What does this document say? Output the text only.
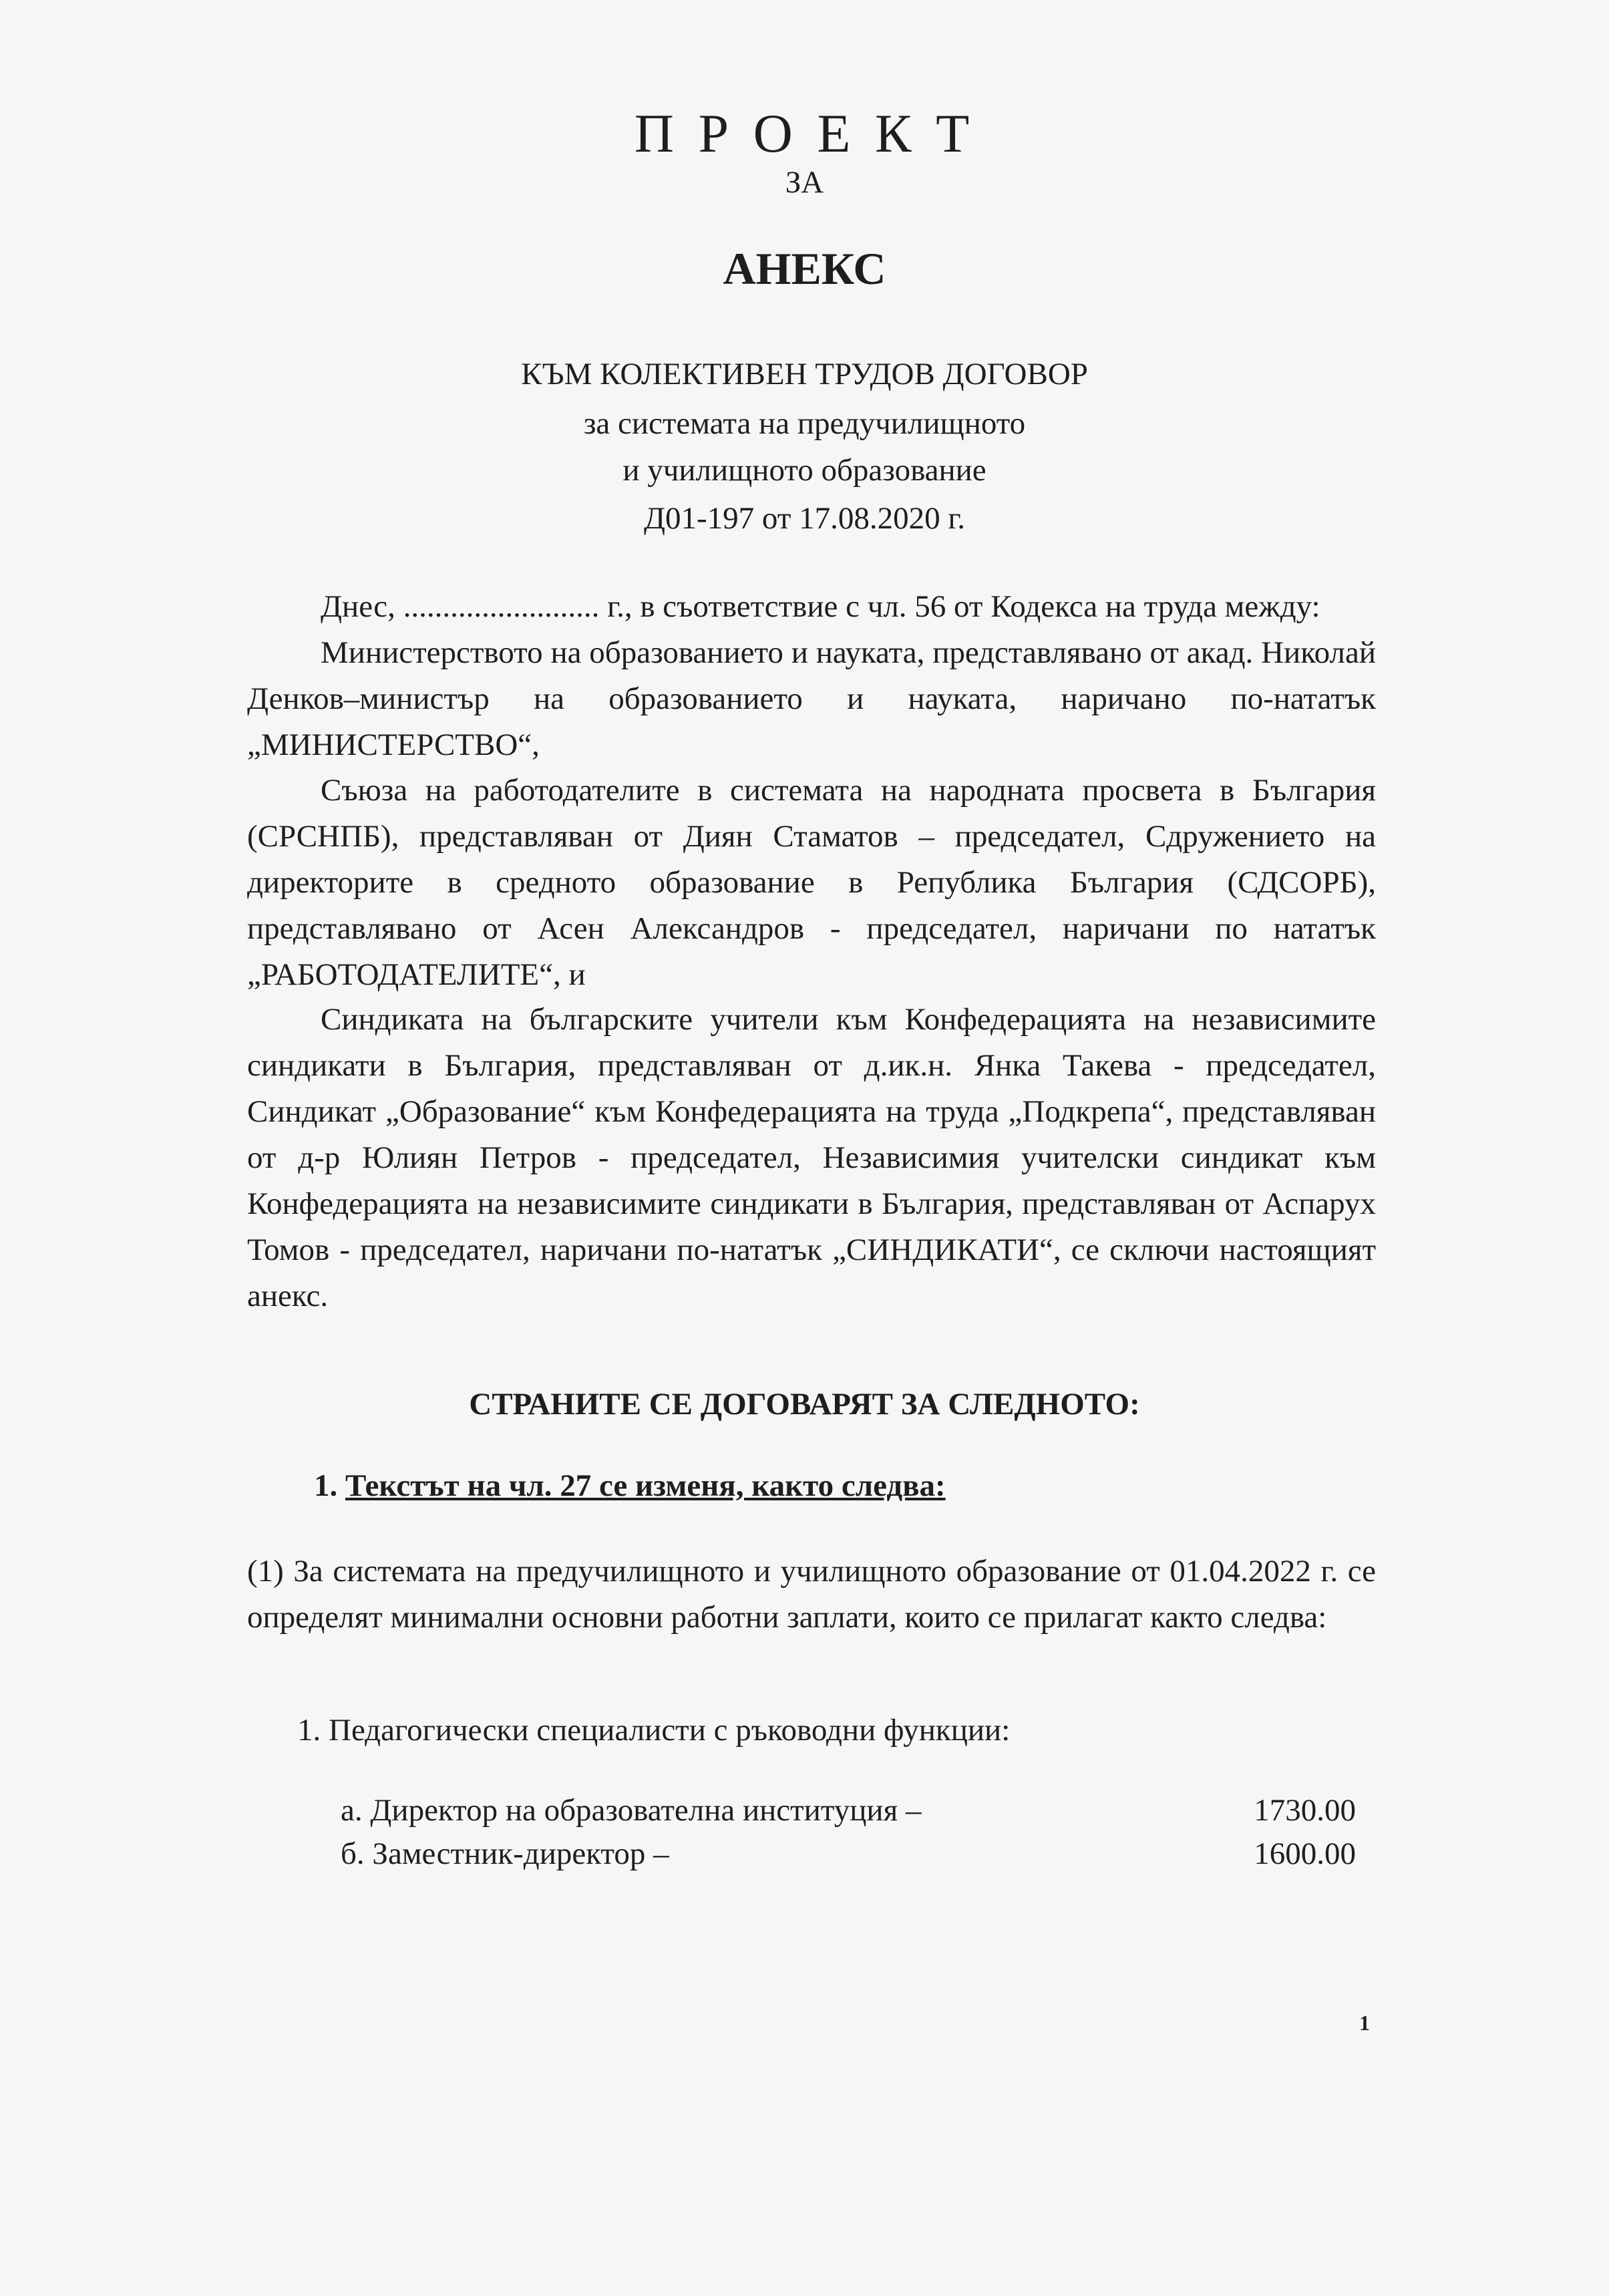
П Р О Е К Т
ЗА
АНЕКС
КЪМ КОЛЕКТИВЕН ТРУДОВ ДОГОВОР
за системата на предучилищното
и училищното образование
Д01-197 от 17.08.2020 г.
Днес, ......................... г., в съответствие с чл. 56 от Кодекса на труда между:
Министерството на образованието и науката, представлявано от акад. Николай Денков–министър на образованието и науката, наричано по-нататък „МИНИСТЕРСТВО“,
Съюза на работодателите в системата на народната просвета в България (СРСНПБ), представляван от Диян Стаматов – председател, Сдружението на директорите в средното образование в Република България (СДСОРБ), представлявано от Асен Александров - председател, наричани по нататък „РАБОТОДАТЕЛИТЕ“, и
Синдиката на българските учители към Конфедерацията на независимите синдикати в България, представляван от д.ик.н. Янка Такева - председател, Синдикат „Образование“ към Конфедерацията на труда „Подкрепа“, представляван от д-р Юлиян Петров - председател, Независимия учителски синдикат към Конфедерацията на независимите синдикати в България, представляван от Аспарух Томов - председател, наричани по-нататък „СИНДИКАТИ“, се сключи настоящият анекс.
СТРАНИТЕ СЕ ДОГОВАРЯТ ЗА СЛЕДНОТО:
1. Текстът на чл. 27 се изменя, както следва:
(1) За системата на предучилищното и училищното образование от 01.04.2022 г. се определят минимални основни работни заплати, които се прилагат както следва:
1. Педагогически специалисти с ръководни функции:
а. Директор на образователна институция –	1730.00
б. Заместник-директор –	1600.00
1
